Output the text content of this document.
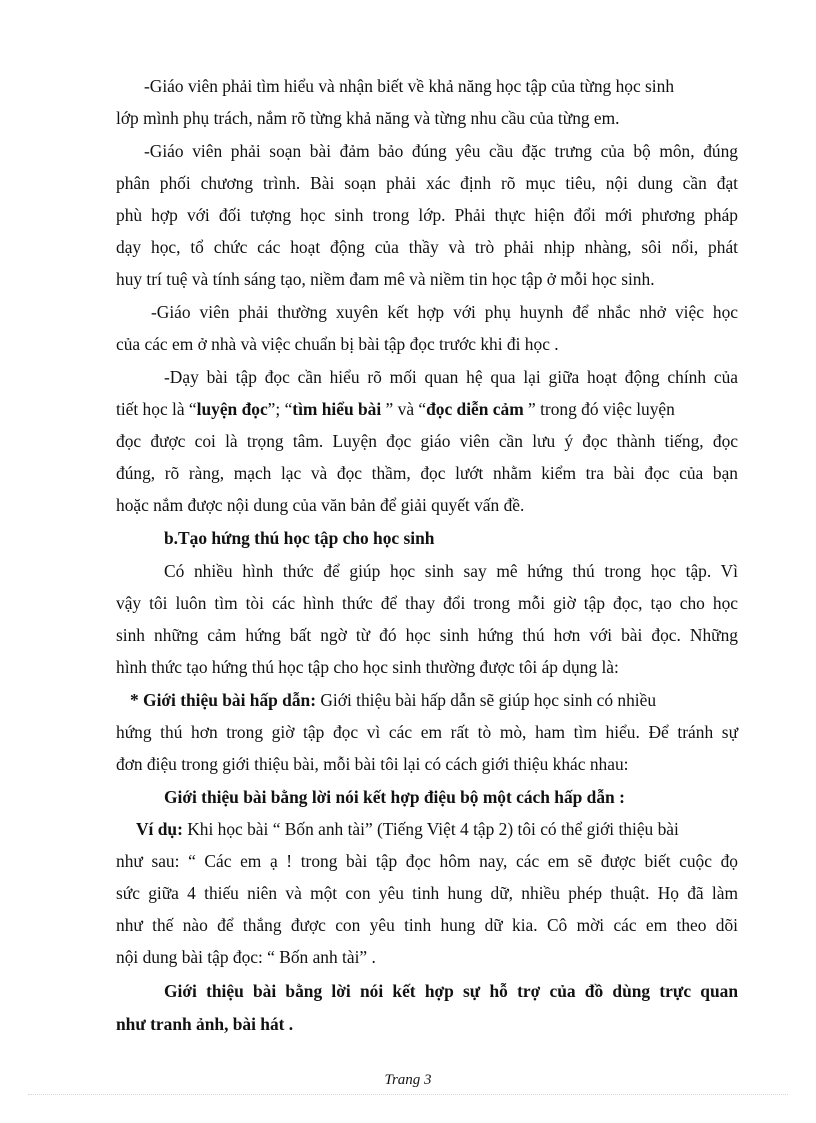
-Giáo viên phải tìm hiểu và nhận biết về khả năng học tập của từng học sinh
lớp mình phụ trách, nắm rõ từng khả năng và từng nhu cầu của từng em.
-Giáo viên phải soạn bài đảm bảo đúng yêu cầu đặc trưng của bộ môn, đúng
phân phối chương trình. Bài soạn phải xác định rõ mục tiêu, nội dung cần đạt
phù hợp với đối tượng học sinh trong lớp. Phải thực hiện đổi mới phương pháp
dạy học, tổ chức các hoạt động của thầy và trò phải nhịp nhàng, sôi nổi, phát
huy trí tuệ và tính sáng tạo, niềm đam mê và niềm tin học tập ở mỗi học sinh.
-Giáo viên phải thường xuyên kết hợp với phụ huynh để nhắc nhở việc học
của các em ở nhà và việc chuẩn bị bài tập đọc trước khi đi học .
-Dạy bài tập đọc cần hiểu rõ mối quan hệ qua lại giữa hoạt động chính của
tiết học là “luyện đọc”; “tìm hiểu bài ” và “đọc diễn cảm ” trong đó việc luyện
đọc được coi là trọng tâm. Luyện đọc giáo viên cần lưu ý đọc thành tiếng, đọc
đúng, rõ ràng, mạch lạc và đọc thầm, đọc lướt nhằm kiểm tra bài đọc của bạn
hoặc nắm được nội dung của văn bản để giải quyết vấn đề.
b.Tạo hứng thú học tập cho học sinh
Có nhiều hình thức để giúp học sinh say mê hứng thú trong học tập. Vì
vậy tôi luôn tìm tòi các hình thức để thay đổi trong mỗi giờ tập đọc, tạo cho học
sinh những cảm hứng bất ngờ từ đó học sinh hứng thú hơn với bài đọc. Những
hình thức tạo hứng thú học tập cho học sinh thường được tôi áp dụng là:
* Giới thiệu bài hấp dẫn: Giới thiệu bài hấp dẫn sẽ giúp học sinh có nhiều
hứng thú hơn trong giờ tập đọc vì các em rất tò mò, ham tìm hiểu. Để tránh sự
đơn điệu trong giới thiệu bài, mỗi bài tôi lại có cách giới thiệu khác nhau:
Giới thiệu bài bằng lời nói kết hợp điệu bộ một cách hấp dẫn :
Ví dụ: Khi học bài “ Bốn anh tài” (Tiếng Việt 4 tập 2) tôi có thể giới thiệu bài
như sau: “ Các em ạ ! trong bài tập đọc hôm nay, các em sẽ được biết cuộc đọ
sức giữa 4 thiếu niên và một con yêu tinh hung dữ, nhiều phép thuật. Họ đã làm
như thế nào để thắng được con yêu tinh hung dữ kia. Cô mời các em theo dõi
nội dung bài tập đọc: “ Bốn anh tài” .
Giới thiệu bài bằng lời nói kết hợp sự hỗ trợ của đồ dùng trực quan
như tranh ảnh, bài hát .
Trang 3
